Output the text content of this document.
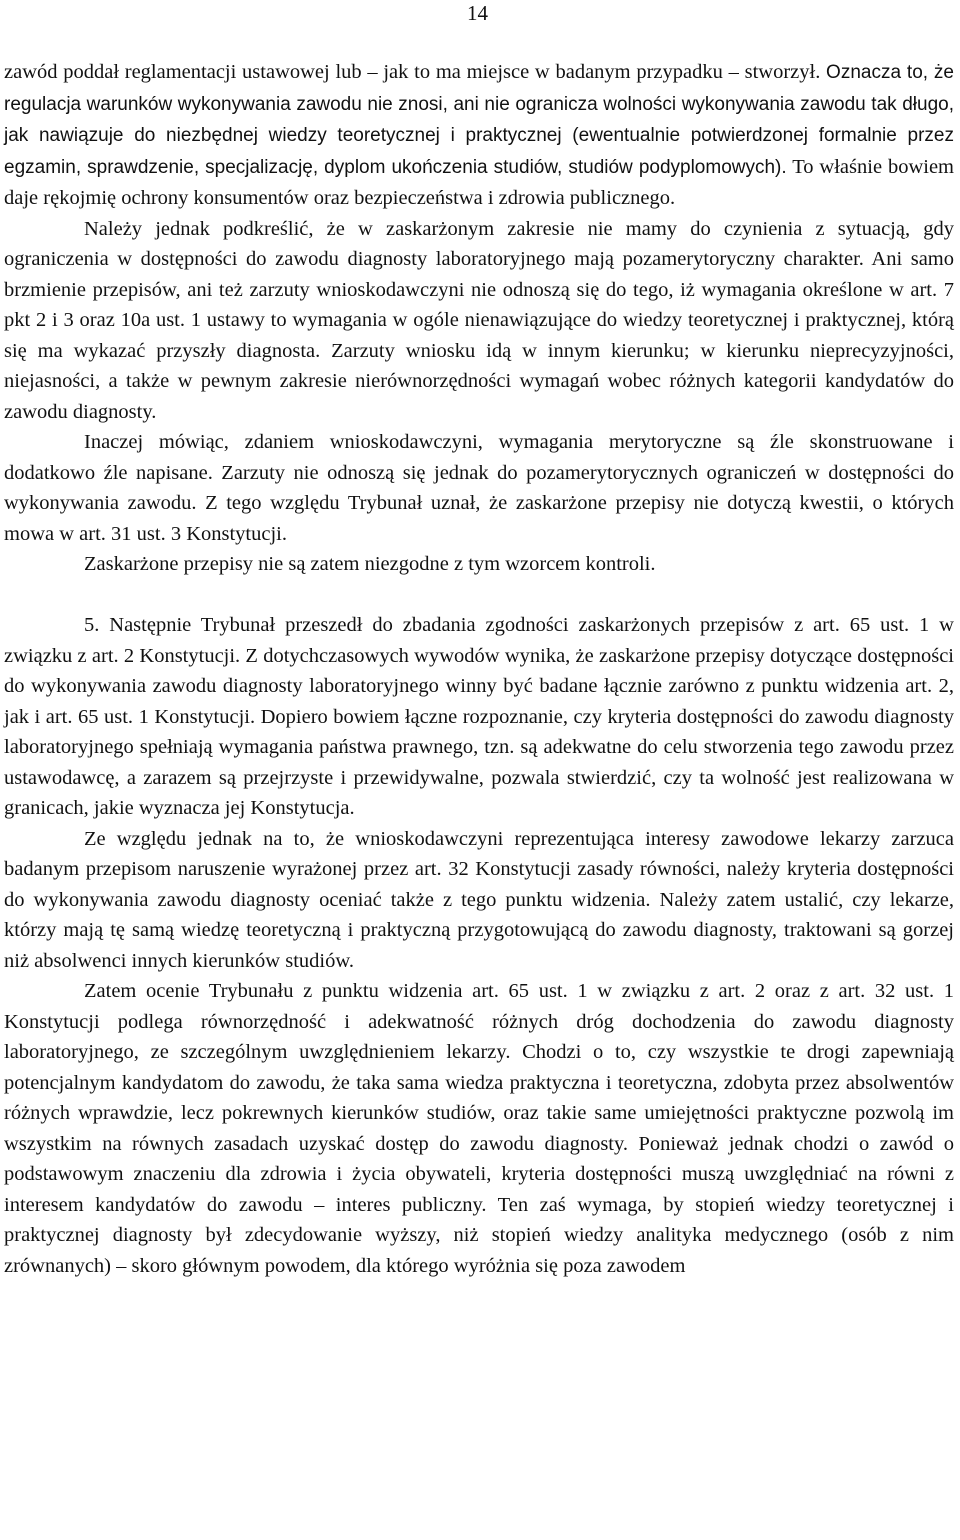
14

zawód poddał reglamentacji ustawowej lub – jak to ma miejsce w badanym przypadku – stworzył. Oznacza to, że regulacja warunków wykonywania zawodu nie znosi, ani nie ogranicza wolności wykonywania zawodu tak długo, jak nawiązuje do niezbędnej wiedzy teoretycznej i praktycznej (ewentualnie potwierdzonej formalnie przez egzamin, sprawdzenie, specjalizację, dyplom ukończenia studiów, studiów podyplomowych). To właśnie bowiem daje rękojmię ochrony konsumentów oraz bezpieczeństwa i zdrowia publicznego.

Należy jednak podkreślić, że w zaskarżonym zakresie nie mamy do czynienia z sytuacją, gdy ograniczenia w dostępności do zawodu diagnosty laboratoryjnego mają pozamerytoryczny charakter. Ani samo brzmienie przepisów, ani też zarzuty wnioskodawczyni nie odnoszą się do tego, iż wymagania określone w art. 7 pkt 2 i 3 oraz 10a ust. 1 ustawy to wymagania w ogóle nienawiązujące do wiedzy teoretycznej i praktycznej, którą się ma wykazać przyszły diagnosta. Zarzuty wniosku idą w innym kierunku; w kierunku nieprecyzyjności, niejasności, a także w pewnym zakresie nierównorzędności wymagań wobec różnych kategorii kandydatów do zawodu diagnosty.

Inaczej mówiąc, zdaniem wnioskodawczyni, wymagania merytoryczne są źle skonstruowane i dodatkowo źle napisane. Zarzuty nie odnoszą się jednak do pozamerytorycznych ograniczeń w dostępności do wykonywania zawodu. Z tego względu Trybunał uznał, że zaskarżone przepisy nie dotyczą kwestii, o których mowa w art. 31 ust. 3 Konstytucji.

Zaskarżone przepisy nie są zatem niezgodne z tym wzorcem kontroli.

5. Następnie Trybunał przeszedł do zbadania zgodności zaskarżonych przepisów z art. 65 ust. 1 w związku z art. 2 Konstytucji. Z dotychczasowych wywodów wynika, że zaskarżone przepisy dotyczące dostępności do wykonywania zawodu diagnosty laboratoryjnego winny być badane łącznie zarówno z punktu widzenia art. 2, jak i art. 65 ust. 1 Konstytucji. Dopiero bowiem łączne rozpoznanie, czy kryteria dostępności do zawodu diagnosty laboratoryjnego spełniają wymagania państwa prawnego, tzn. są adekwatne do celu stworzenia tego zawodu przez ustawodawcę, a zarazem są przejrzyste i przewidywalne, pozwala stwierdzić, czy ta wolność jest realizowana w granicach, jakie wyznacza jej Konstytucja.

Ze względu jednak na to, że wnioskodawczyni reprezentująca interesy zawodowe lekarzy zarzuca badanym przepisom naruszenie wyrażonej przez art. 32 Konstytucji zasady równości, należy kryteria dostępności do wykonywania zawodu diagnosty oceniać także z tego punktu widzenia. Należy zatem ustalić, czy lekarze, którzy mają tę samą wiedzę teoretyczną i praktyczną przygotowującą do zawodu diagnosty, traktowani są gorzej niż absolwenci innych kierunków studiów.

Zatem ocenie Trybunału z punktu widzenia art. 65 ust. 1 w związku z art. 2 oraz z art. 32 ust. 1 Konstytucji podlega równorzędność i adekwatność różnych dróg dochodzenia do zawodu diagnosty laboratoryjnego, ze szczególnym uwzględnieniem lekarzy. Chodzi o to, czy wszystkie te drogi zapewniają potencjalnym kandydatom do zawodu, że taka sama wiedza praktyczna i teoretyczna, zdobyta przez absolwentów różnych wprawdzie, lecz pokrewnych kierunków studiów, oraz takie same umiejętności praktyczne pozwolą im wszystkim na równych zasadach uzyskać dostęp do zawodu diagnosty. Ponieważ jednak chodzi o zawód o podstawowym znaczeniu dla zdrowia i życia obywateli, kryteria dostępności muszą uwzględniać na równi z interesem kandydatów do zawodu – interes publiczny. Ten zaś wymaga, by stopień wiedzy teoretycznej i praktycznej diagnosty był zdecydowanie wyższy, niż stopień wiedzy analityka medycznego (osób z nim zrównanych) – skoro głównym powodem, dla którego wyróżnia się poza zawodem
